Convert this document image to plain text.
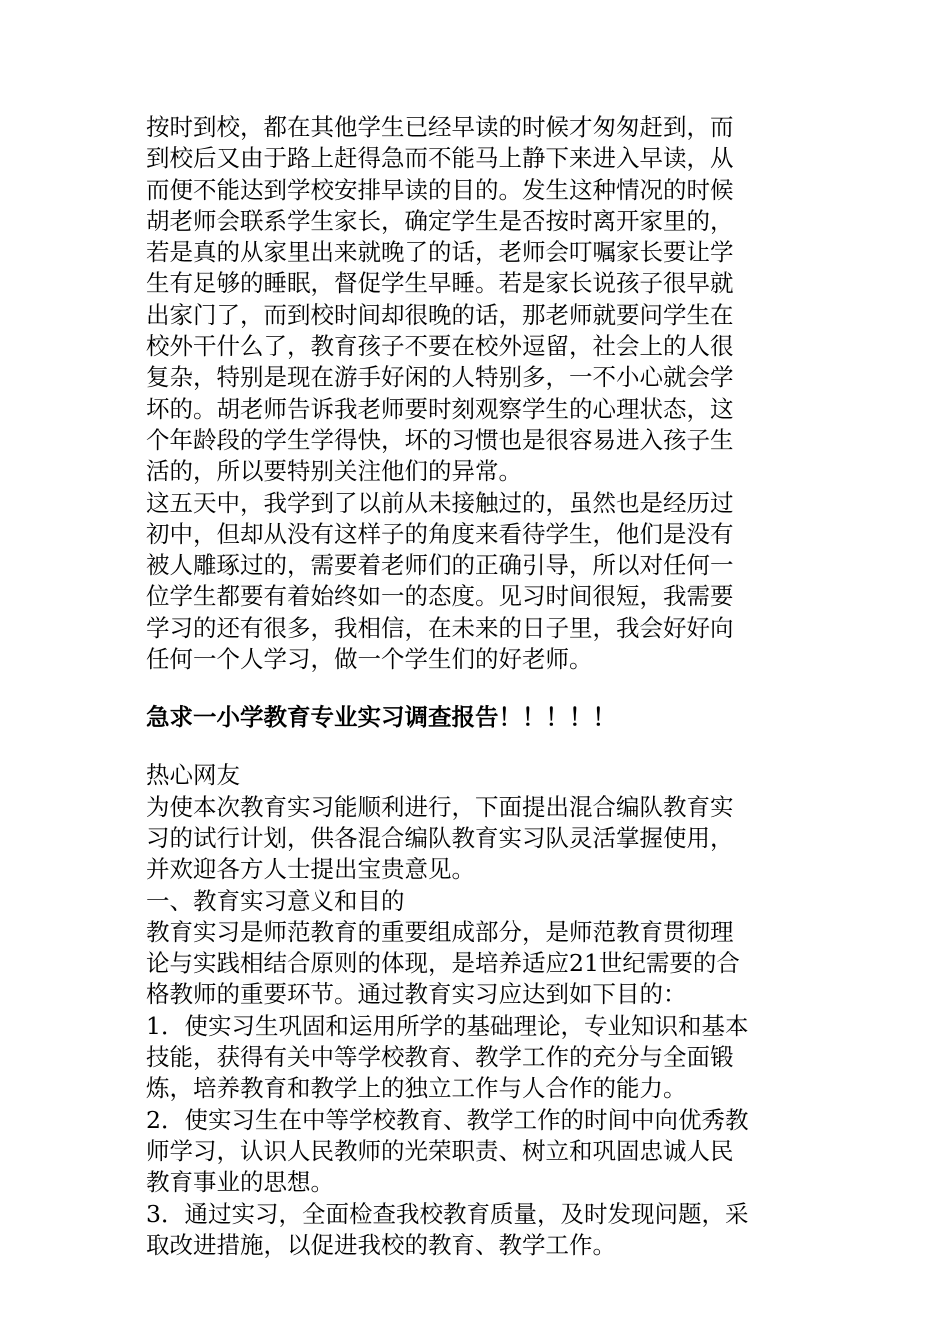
按时到校，都在其他学生已经早读的时候才匆匆赶到，而
到校后又由于路上赶得急而不能马上静下来进入早读，从
而便不能达到学校安排早读的目的。发生这种情况的时候
胡老师会联系学生家长，确定学生是否按时离开家里的，
若是真的从家里出来就晚了的话，老师会叮嘱家长要让学
生有足够的睡眠，督促学生早睡。若是家长说孩子很早就
出家门了，而到校时间却很晚的话，那老师就要问学生在
校外干什么了，教育孩子不要在校外逗留，社会上的人很
复杂，特别是现在游手好闲的人特别多，一不小心就会学
坏的。胡老师告诉我老师要时刻观察学生的心理状态，这
个年龄段的学生学得快，坏的习惯也是很容易进入孩子生
活的，所以要特别关注他们的异常。
这五天中，我学到了以前从未接触过的，虽然也是经历过
初中，但却从没有这样子的角度来看待学生，他们是没有
被人雕琢过的，需要着老师们的正确引导，所以对任何一
位学生都要有着始终如一的态度。见习时间很短，我需要
学习的还有很多，我相信，在未来的日子里，我会好好向
任何一个人学习，做一个学生们的好老师。
急求一小学教育专业实习调查报告！！！！！
热心网友
为使本次教育实习能顺利进行，下面提出混合编队教育实
习的试行计划，供各混合编队教育实习队灵活掌握使用，
并欢迎各方人士提出宝贵意见。
一、教育实习意义和目的
教育实习是师范教育的重要组成部分，是师范教育贯彻理
论与实践相结合原则的体现，是培养适应21世纪需要的合
格教师的重要环节。通过教育实习应达到如下目的：
1．使实习生巩固和运用所学的基础理论，专业知识和基本
技能，获得有关中等学校教育、教学工作的充分与全面锻
炼，培养教育和教学上的独立工作与人合作的能力。
2．使实习生在中等学校教育、教学工作的时间中向优秀教
师学习，认识人民教师的光荣职责、树立和巩固忠诚人民
教育事业的思想。
3．通过实习，全面检查我校教育质量，及时发现问题，采
取改进措施，以促进我校的教育、教学工作。
